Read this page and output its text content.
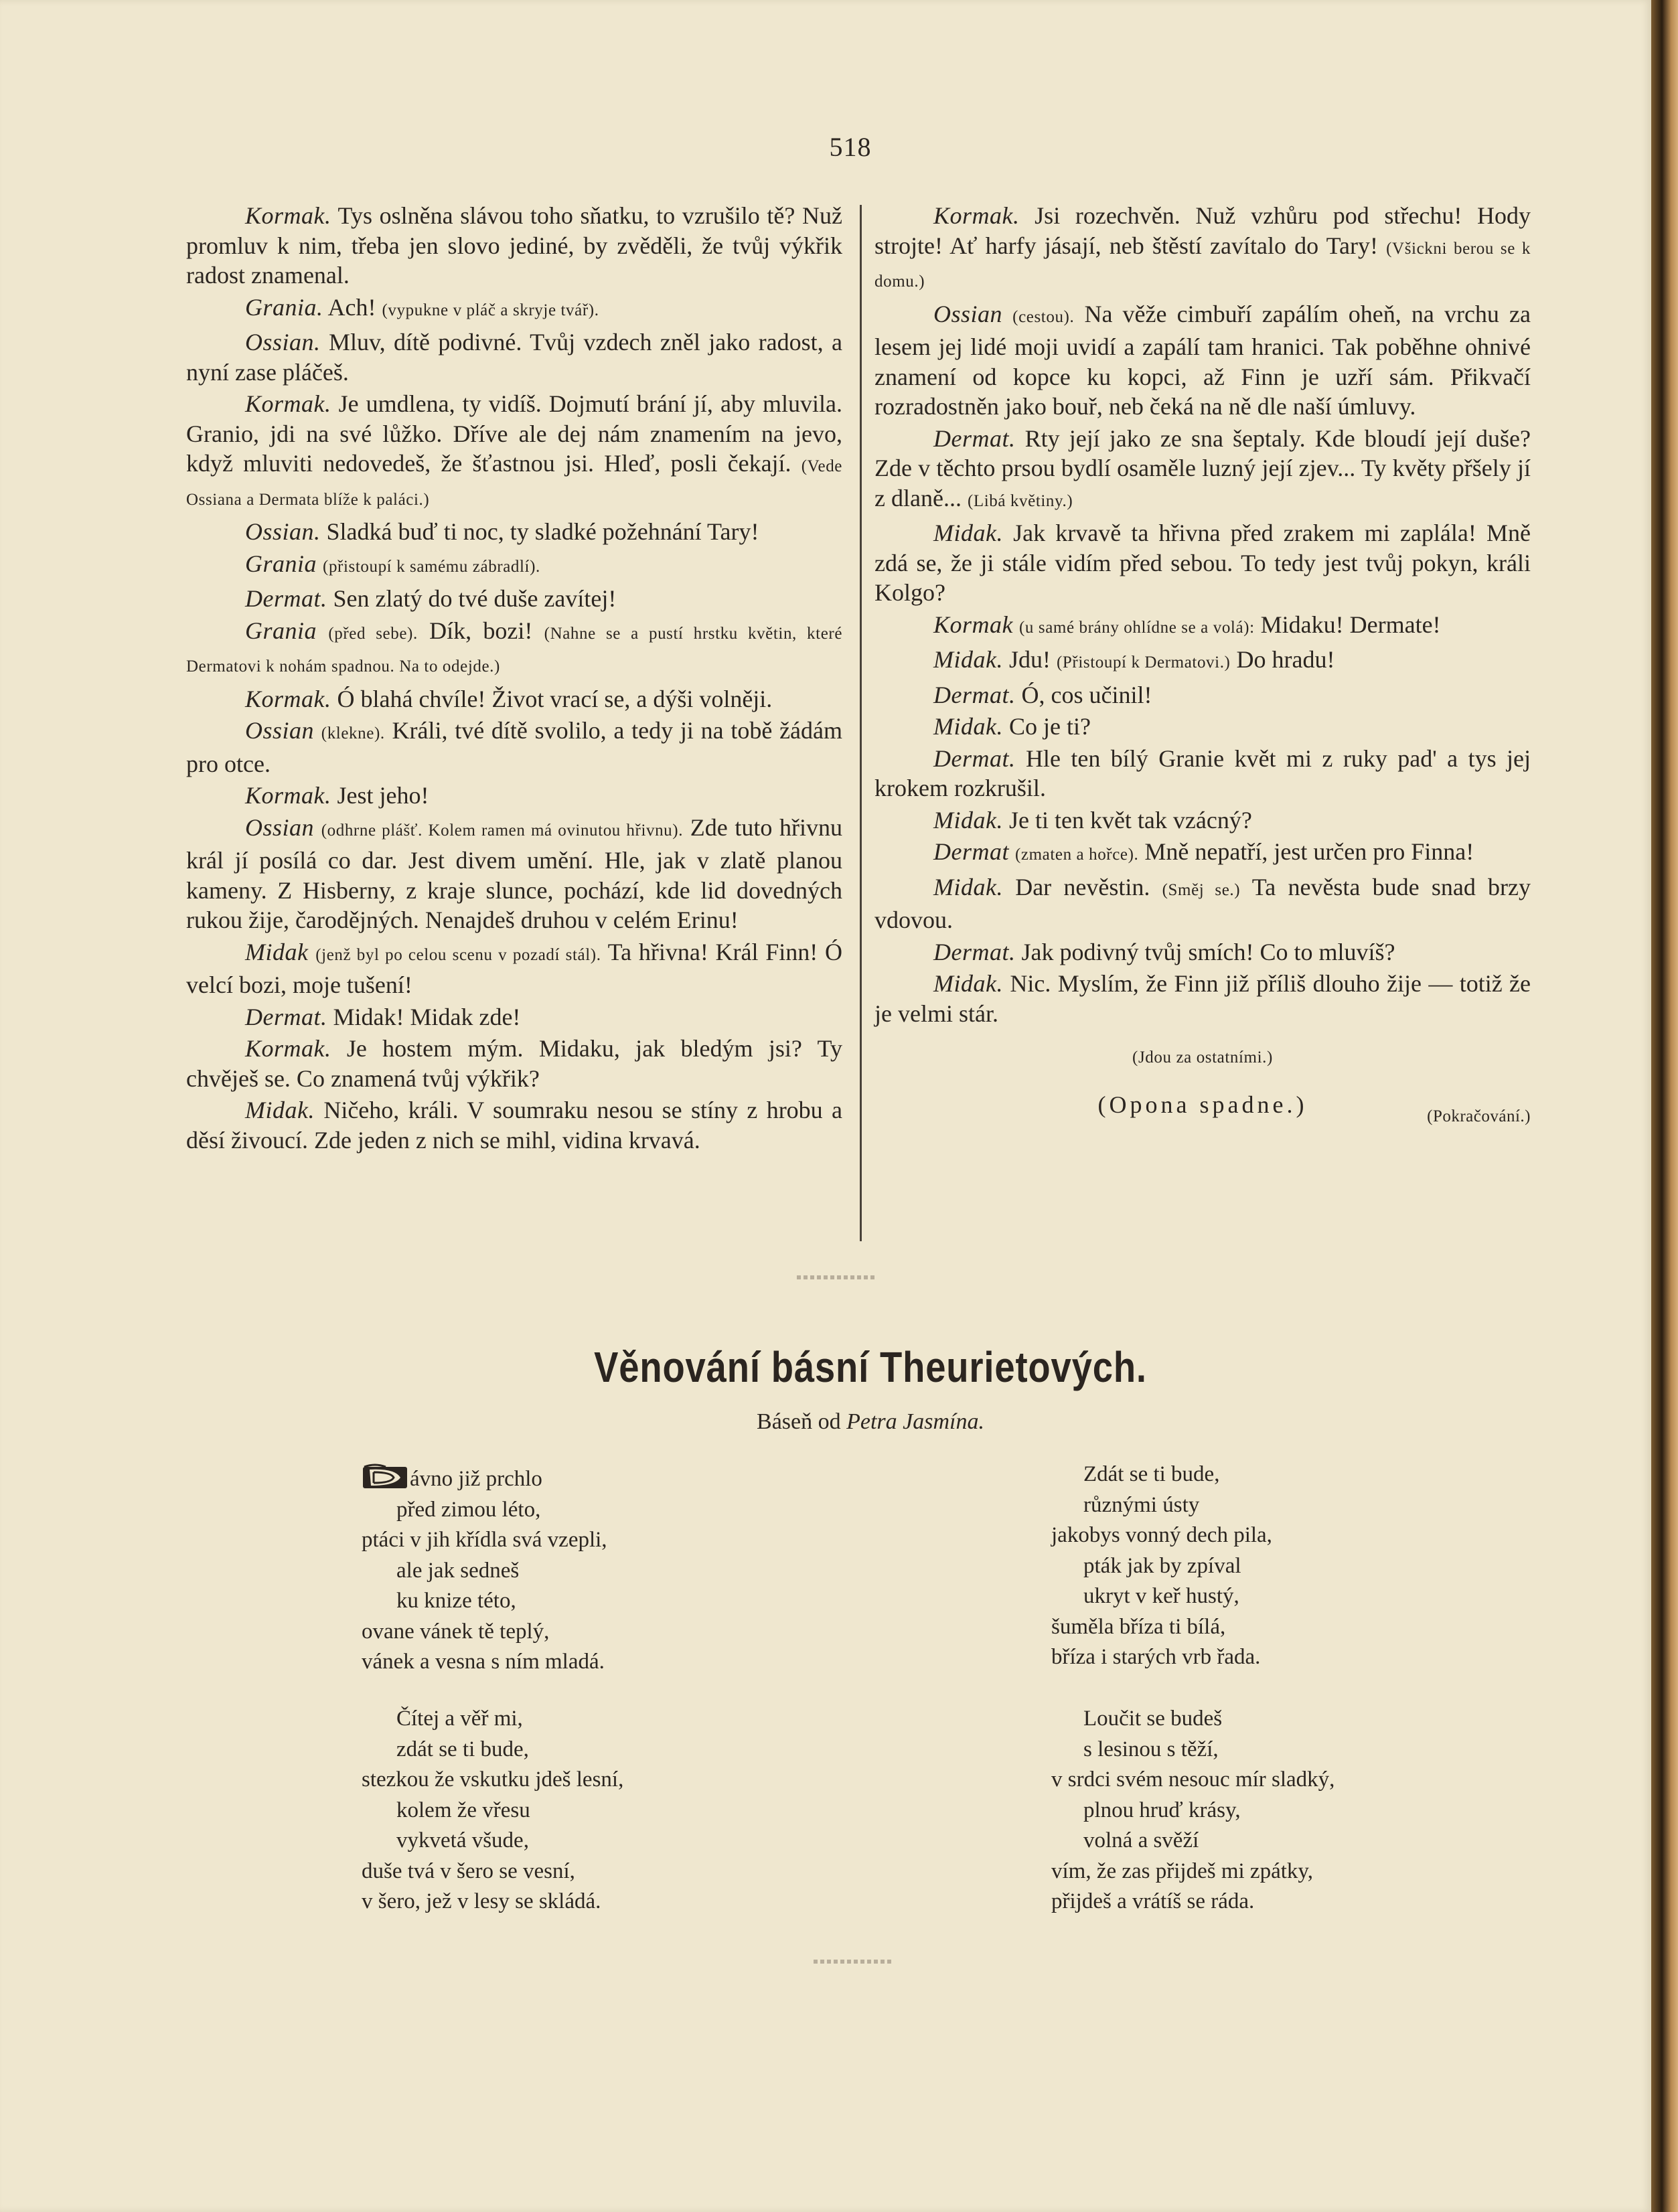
518

Kormak. Tys oslněna slávou toho sňatku, to vzrušilo tě? Nuž promluv k nim, třeba jen slovo jediné, by zvěděli, že tvůj výkřik radost znamenal.

Grania. Ach! (vypukne v pláč a skryje tvář).

Ossian. Mluv, dítě podivné. Tvůj vzdech zněl jako radost, a nyní zase pláčeš.

Kormak. Je umdlena, ty vidíš. Dojmutí brání jí, aby mluvila. Granio, jdi na své lůžko. Dříve ale dej nám znamením na jevo, když mluviti nedovedeš, že šťastnou jsi. Hleď, posli čekají. (Vede Ossiana a Dermata blíže k paláci.)

Ossian. Sladká buď ti noc, ty sladké požehnání Tary!

Grania (přistoupí k samému zábradlí).

Dermat. Sen zlatý do tvé duše zavítej!

Grania (před sebe). Dík, bozi! (Nahne se a pustí hrstku květin, které Dermatovi k nohám spadnou. Na to odejde.)

Kormak. Ó blahá chvíle! Život vrací se, a dýši volněji.

Ossian (klekne). Králi, tvé dítě svolilo, a tedy ji na tobě žádám pro otce.

Kormak. Jest jeho!

Ossian (odhrne plášť. Kolem ramen má ovinutou hřivnu). Zde tuto hřivnu král jí posílá co dar. Jest divem umění. Hle, jak v zlatě planou kameny. Z Hisberny, z kraje slunce, pochází, kde lid dovedných rukou žije, čarodějných. Nenajdeš druhou v celém Erinu!

Midak (jenž byl po celou scenu v pozadí stál). Ta hřivna! Král Finn! Ó velcí bozi, moje tušení!

Dermat. Midak! Midak zde!

Kormak. Je hostem mým. Midaku, jak bledým jsi? Ty chvěješ se. Co znamená tvůj výkřik?

Midak. Ničeho, králi. V soumraku nesou se stíny z hrobu a děsí živoucí. Zde jeden z nich se mihl, vidina krvavá.

Kormak. Jsi rozechvěn. Nuž vzhůru pod střechu! Hody strojte! Ať harfy jásají, neb štěstí zavítalo do Tary! (Všickni berou se k domu.)

Ossian (cestou). Na věže cimbuří zapálím oheň, na vrchu za lesem jej lidé moji uvidí a zapálí tam hranici. Tak poběhne ohnivé znamení od kopce ku kopci, až Finn je uzří sám. Přikvačí rozradostněn jako bouř, neb čeká na ně dle naší úmluvy.

Dermat. Rty její jako ze sna šeptaly. Kde bloudí její duše? Zde v těchto prsou bydlí osaměle luzný její zjev... Ty květy přšely jí z dlaně... (Libá květiny.)

Midak. Jak krvavě ta hřivna před zrakem mi zaplála! Mně zdá se, že ji stále vidím před sebou. To tedy jest tvůj pokyn, králi Kolgo?

Kormak (u samé brány ohlídne se a volá): Midaku! Dermate!

Midak. Jdu! (Přistoupí k Dermatovi.) Do hradu!

Dermat. Ó, cos učinil!

Midak. Co je ti?

Dermat. Hle ten bílý Granie květ mi z ruky pad' a tys jej krokem rozkrušil.

Midak. Je ti ten květ tak vzácný?

Dermat (zmaten a hořce). Mně nepatří, jest určen pro Finna!

Midak. Dar nevěstin. (Směj se.) Ta nevěsta bude snad brzy vdovou.

Dermat. Jak podivný tvůj smích! Co to mluvíš?

Midak. Nic. Myslím, že Finn již příliš dlouho žije — totiž že je velmi stár.

(Jdou za ostatními.)

(Opona spadne.)	(Pokračování.)

Věnování básní Theurietových.
Báseň od Petra Jasmína.
ávno již prchlo
před zimou léto,
ptáci v jih křídla svá vzepli,
ale jak sedneš
ku knize této,
ovane vánek tě teplý,
vánek a vesna s ním mladá.
Čítej a věř mi,
zdát se ti bude,
stezkou že vskutku jdeš lesní,
kolem že vřesu
vykvetá všude,
duše tvá v šero se vesní,
v šero, jež v lesy se skládá.
Zdát se ti bude,
různými ústy
jakobys vonný dech pila,
pták jak by zpíval
ukryt v keř hustý,
šuměla bříza ti bílá,
bříza i starých vrb řada.
Loučit se budeš
s lesinou s těží,
v srdci svém nesouc mír sladký,
plnou hruď krásy,
volná a svěží
vím, že zas přijdeš mi zpátky,
přijdeš a vrátíš se ráda.
